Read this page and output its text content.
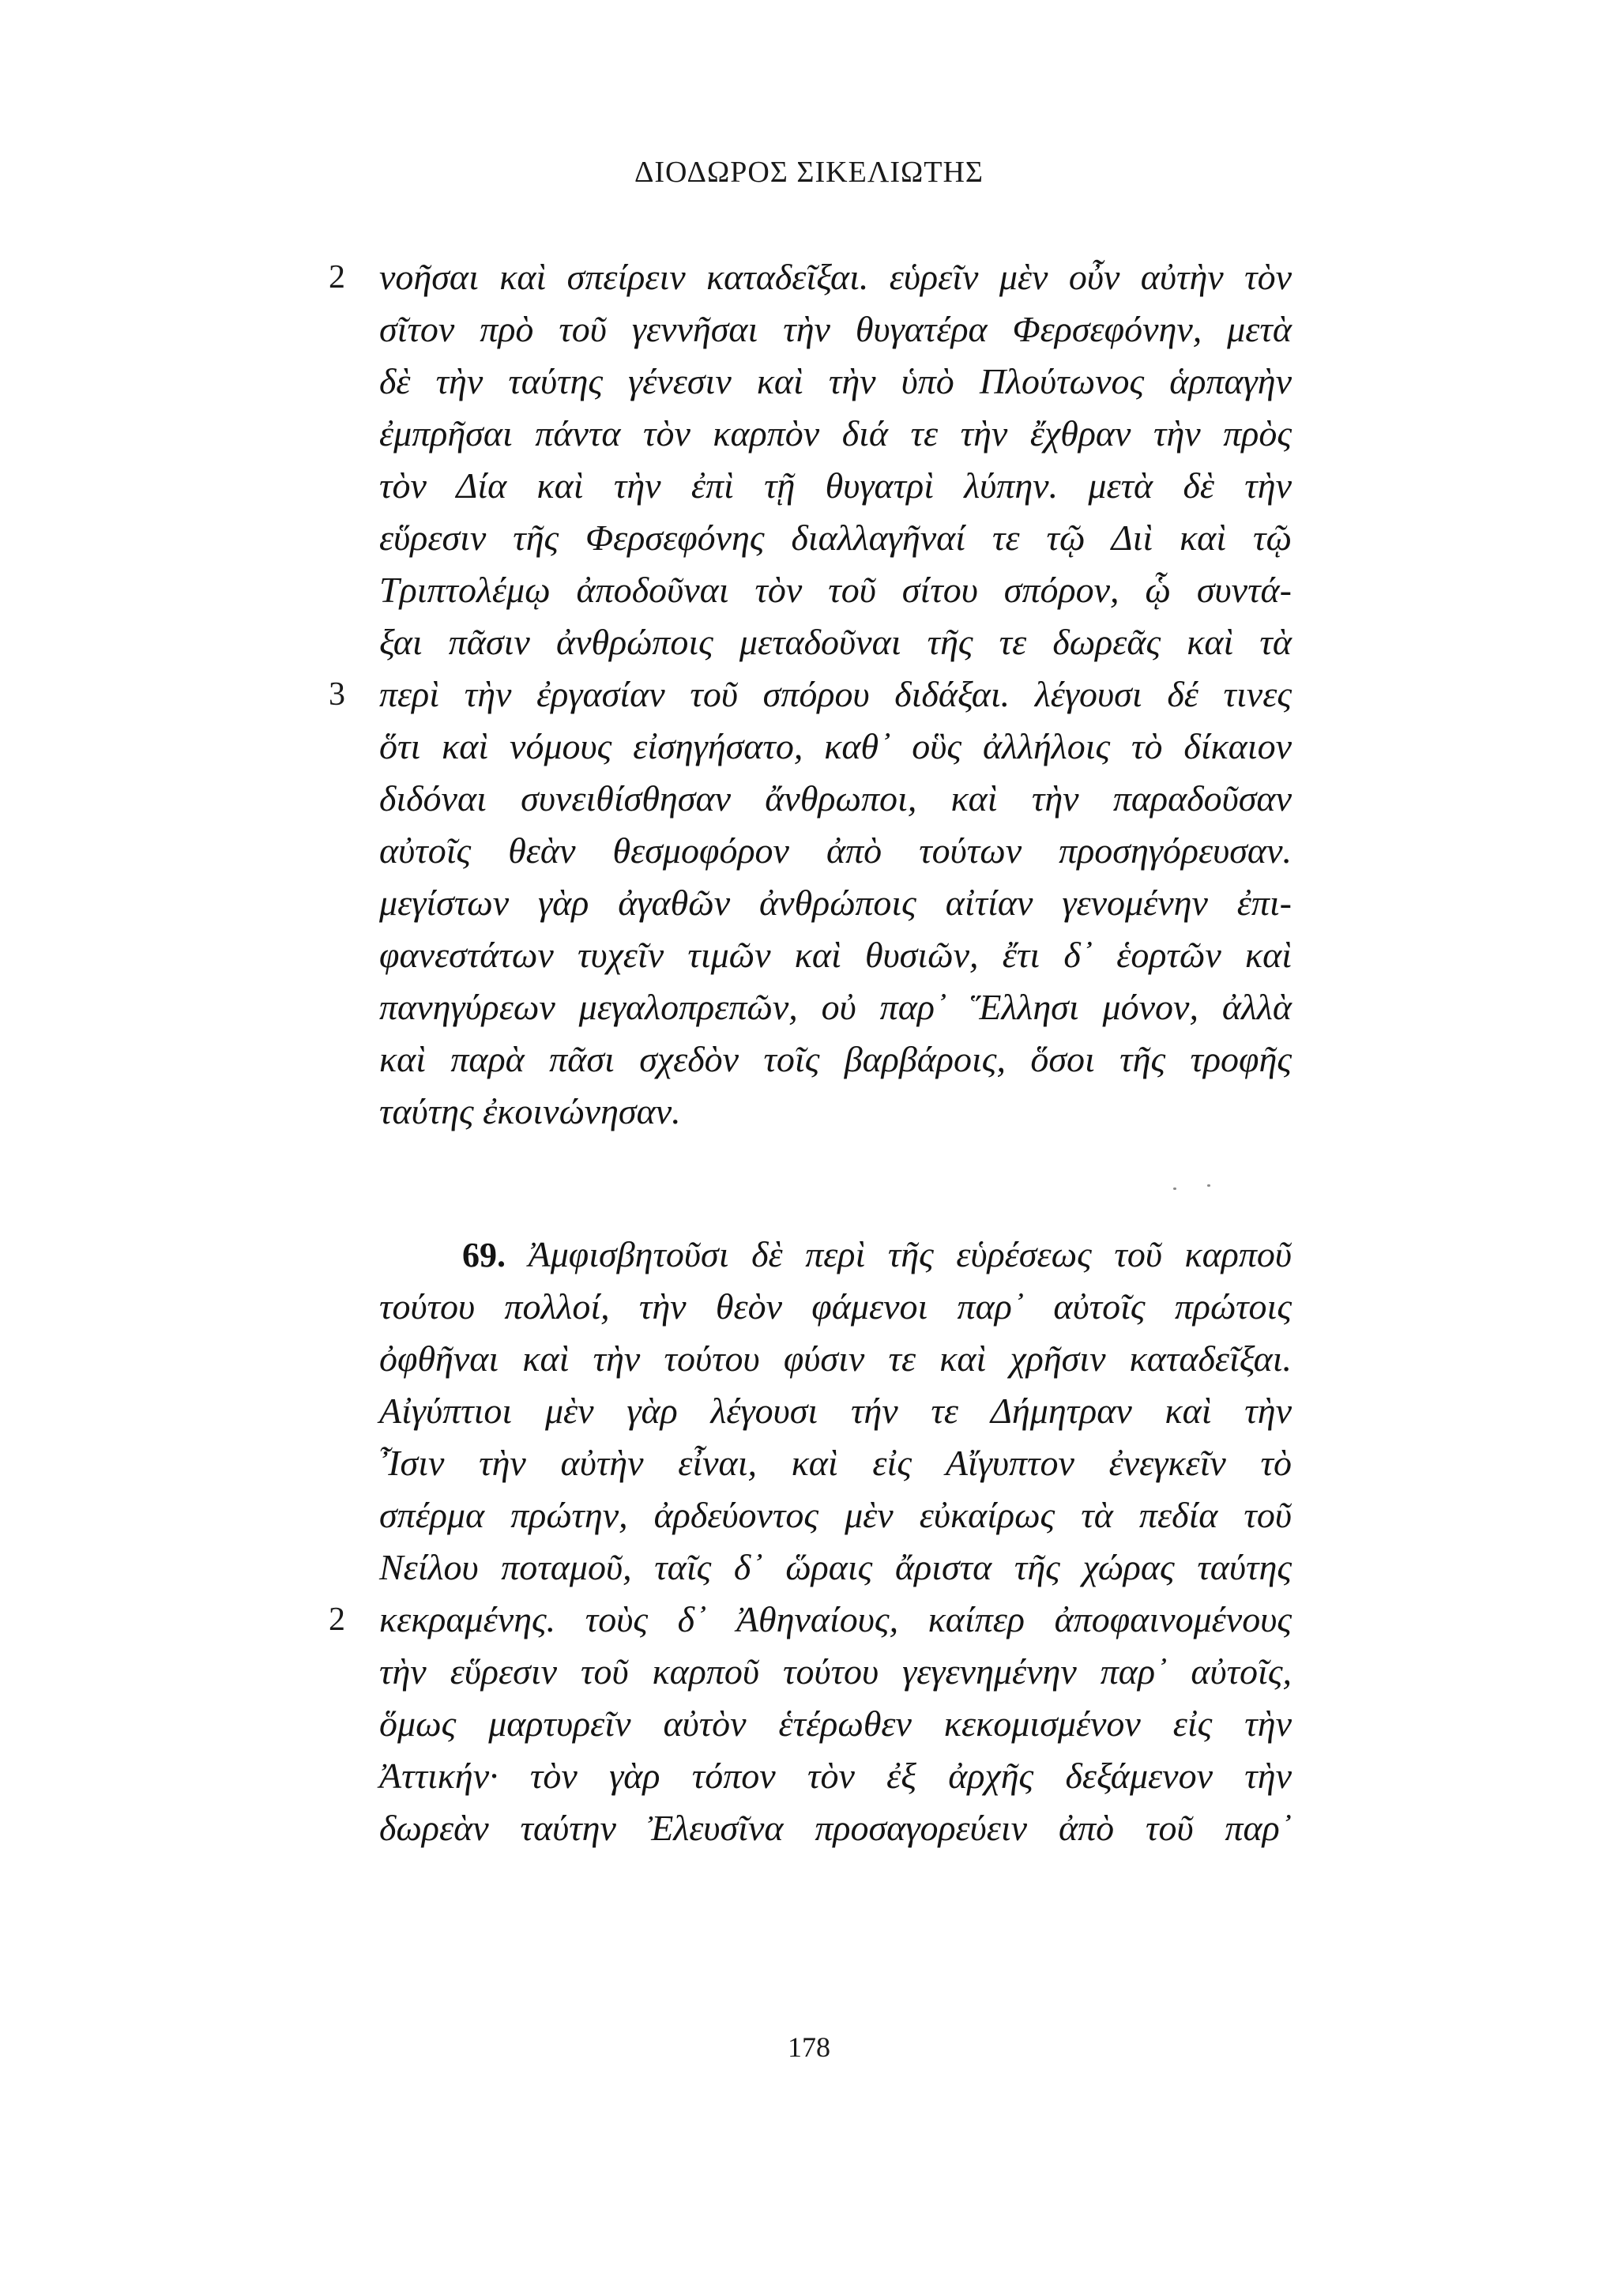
ΔΙΟΔΩΡΟΣ ΣΙΚΕΛΙΩΤΗΣ
2 νοῆσαι καὶ σπείρειν καταδεῖξαι. εὑρεῖν μὲν οὖν αὐτὴν τὸν
σῖτον πρὸ τοῦ γεννῆσαι τὴν θυγατέρα Φερσεφόνην, μετὰ
δὲ τὴν ταύτης γένεσιν καὶ τὴν ὑπὸ Πλούτωνος ἁρπαγὴν
ἐμπρῆσαι πάντα τὸν καρπὸν διά τε τὴν ἔχθραν τὴν πρὸς
τὸν Δία καὶ τὴν ἐπὶ τῇ θυγατρὶ λύπην. μετὰ δὲ τὴν
εὕρεσιν τῆς Φερσεφόνης διαλλαγῆναί τε τῷ Διὶ καὶ τῷ
Τριπτολέμῳ ἀποδοῦναι τὸν τοῦ σίτου σπόρον, ᾧ συντά-
ξαι πᾶσιν ἀνθρώποις μεταδοῦναι τῆς τε δωρεᾶς καὶ τὰ
3 περὶ τὴν ἐργασίαν τοῦ σπόρου διδάξαι. λέγουσι δέ τινες
ὅτι καὶ νόμους εἰσηγήσατο, καθ᾽ οὓς ἀλλήλοις τὸ δίκαιον
διδόναι συνειθίσθησαν ἄνθρωποι, καὶ τὴν παραδοῦσαν
αὐτοῖς θεὰν θεσμοφόρον ἀπὸ τούτων προσηγόρευσαν.
μεγίστων γὰρ ἀγαθῶν ἀνθρώποις αἰτίαν γενομένην ἐπι-
φανεστάτων τυχεῖν τιμῶν καὶ θυσιῶν, ἔτι δ᾽ ἑορτῶν καὶ
πανηγύρεων μεγαλοπρεπῶν, οὐ παρ᾽ Ἕλλησι μόνον, ἀλλὰ
καὶ παρὰ πᾶσι σχεδὸν τοῖς βαρβάροις, ὅσοι τῆς τροφῆς
ταύτης ἐκοινώνησαν.
69. Ἀμφισβητοῦσι δὲ περὶ τῆς εὑρέσεως τοῦ καρποῦ
τούτου πολλοί, τὴν θεὸν φάμενοι παρ᾽ αὐτοῖς πρώτοις
ὀφθῆναι καὶ τὴν τούτου φύσιν τε καὶ χρῆσιν καταδεῖξαι.
Αἰγύπτιοι μὲν γὰρ λέγουσι τήν τε Δήμητραν καὶ τὴν
Ἶσιν τὴν αὐτὴν εἶναι, καὶ εἰς Αἴγυπτον ἐνεγκεῖν τὸ
σπέρμα πρώτην, ἀρδεύοντος μὲν εὐκαίρως τὰ πεδία τοῦ
Νείλου ποταμοῦ, ταῖς δ᾽ ὥραις ἄριστα τῆς χώρας ταύτης
2 κεκραμένης. τοὺς δ᾽ Ἀθηναίους, καίπερ ἀποφαινομένους
τὴν εὕρεσιν τοῦ καρποῦ τούτου γεγενημένην παρ᾽ αὐτοῖς,
ὅμως μαρτυρεῖν αὐτὸν ἑτέρωθεν κεκομισμένον εἰς τὴν
Ἀττικήν· τὸν γὰρ τόπον τὸν ἐξ ἀρχῆς δεξάμενον τὴν
δωρεὰν ταύτην Ἐλευσῖνα προσαγορεύειν ἀπὸ τοῦ παρ᾽
178
